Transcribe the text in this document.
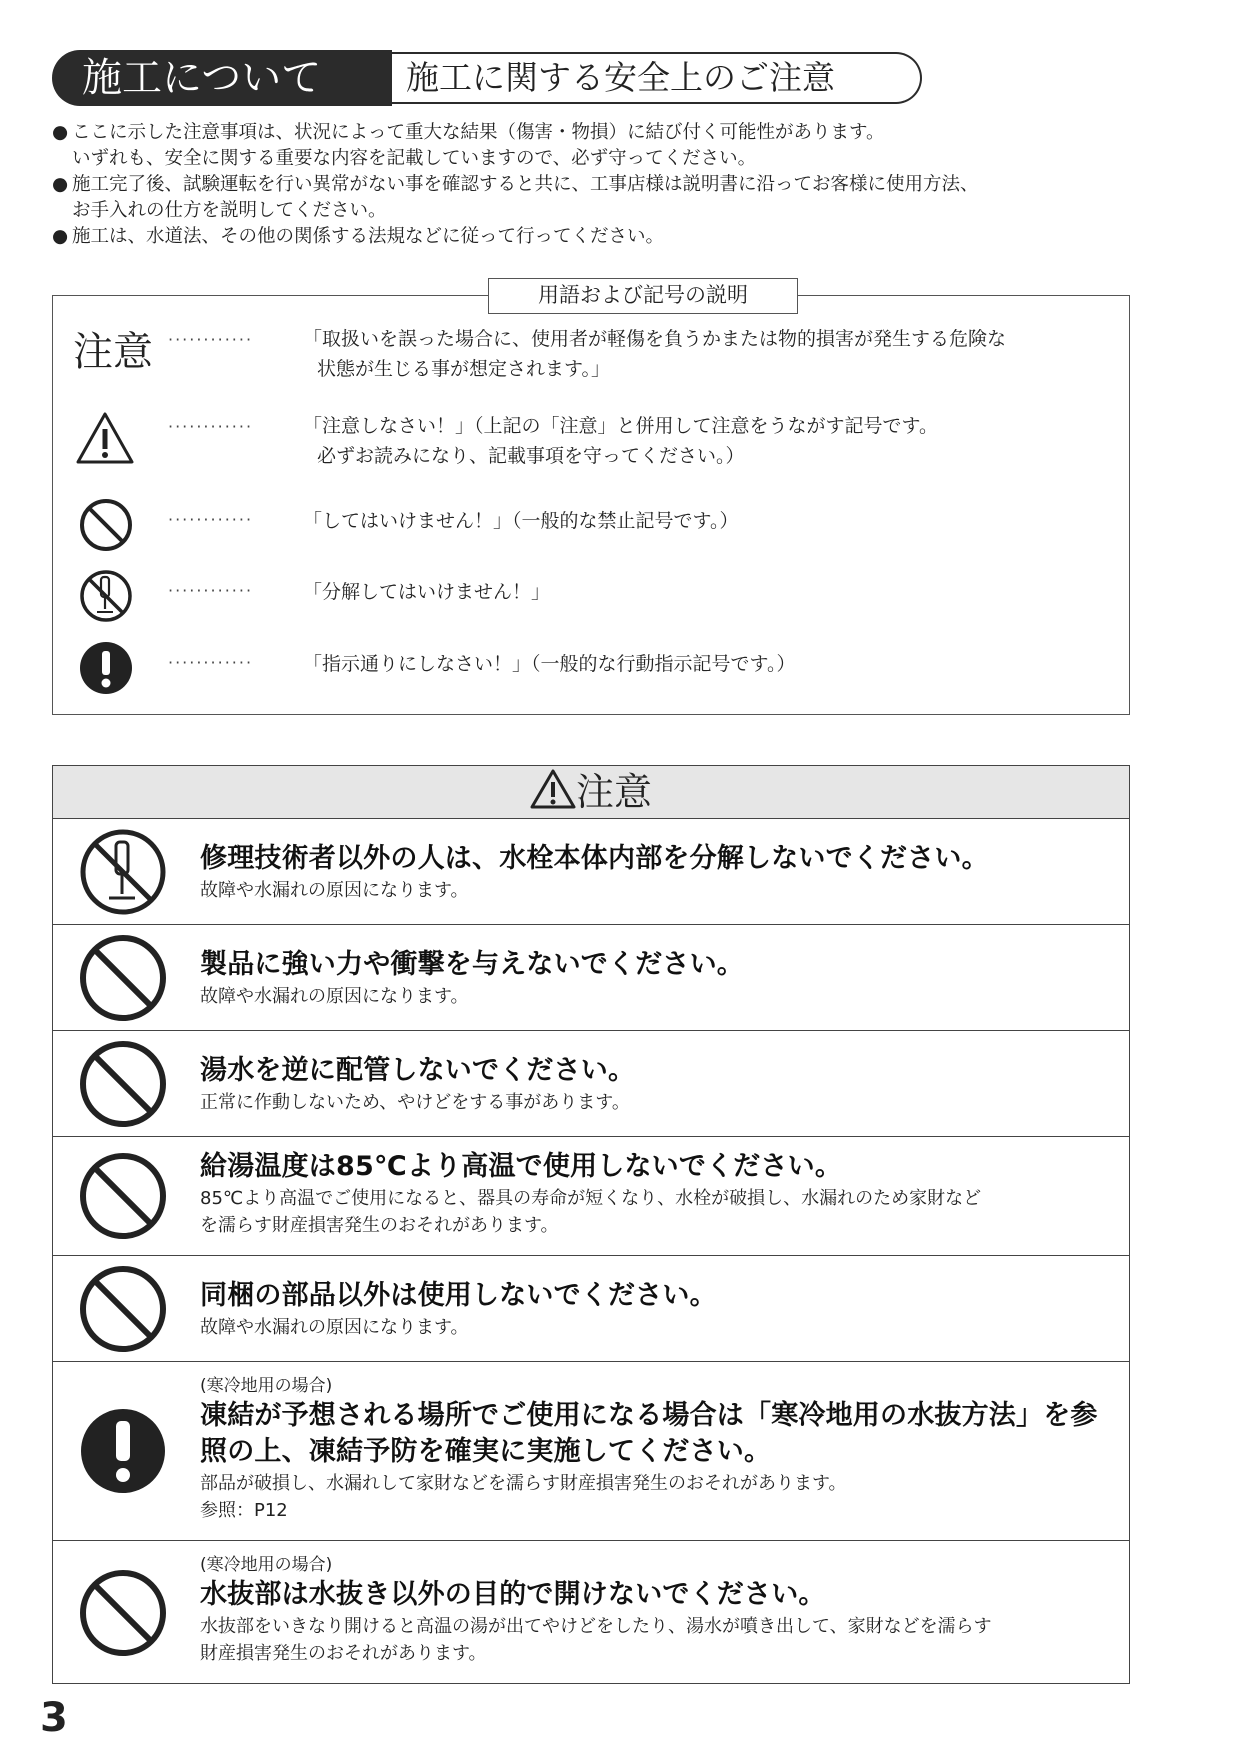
施工について	施工に関する安全上のご注意

● ここに示した注意事項は、状況によって重大な結果（傷害・物損）に結び付く可能性があります。

いずれも、安全に関する重要な内容を記載していますので、必ず守ってください。

● 施工完了後、試験運転を行い異常がない事を確認すると共に、工事店様は説明書に沿ってお客様に使用方法、

お手入れの仕方を説明してください。

● 施工は、水道法、その他の関係する法規などに従って行ってください。

用語および記号の説明
注意 ············	「取扱いを誤った場合に、使用者が軽傷を負うかまたは物的損害が発生する危険な
状態が生じる事が想定されます。」
············	「注意しなさい！」（上記の「注意」と併用して注意をうながす記号です。
必ずお読みになり、記載事項を守ってください。）
············	「してはいけません！」（一般的な禁止記号です。）
············	「分解してはいけません！」
············	「指示通りにしなさい！」（一般的な行動指示記号です。）
注意
修理技術者以外の人は、水栓本体内部を分解しないでください。
故障や水漏れの原因になります。
製品に強い力や衝撃を与えないでください。
故障や水漏れの原因になります。
湯水を逆に配管しないでください。
正常に作動しないため、やけどをする事があります。
給湯温度は85℃より高温で使用しないでください。
85℃より高温でご使用になると、器具の寿命が短くなり、水栓が破損し、水漏れのため家財など
を濡らす財産損害発生のおそれがあります。
同梱の部品以外は使用しないでください。
故障や水漏れの原因になります。
(寒冷地用の場合)
凍結が予想される場所でご使用になる場合は「寒冷地用の水抜方法」を参
照の上、凍結予防を確実に実施してください。
部品が破損し、水漏れして家財などを濡らす財産損害発生のおそれがあります。
参照：P12
(寒冷地用の場合)
水抜部は水抜き以外の目的で開けないでください。
水抜部をいきなり開けると高温の湯が出てやけどをしたり、湯水が噴き出して、家財などを濡らす
財産損害発生のおそれがあります。
3
